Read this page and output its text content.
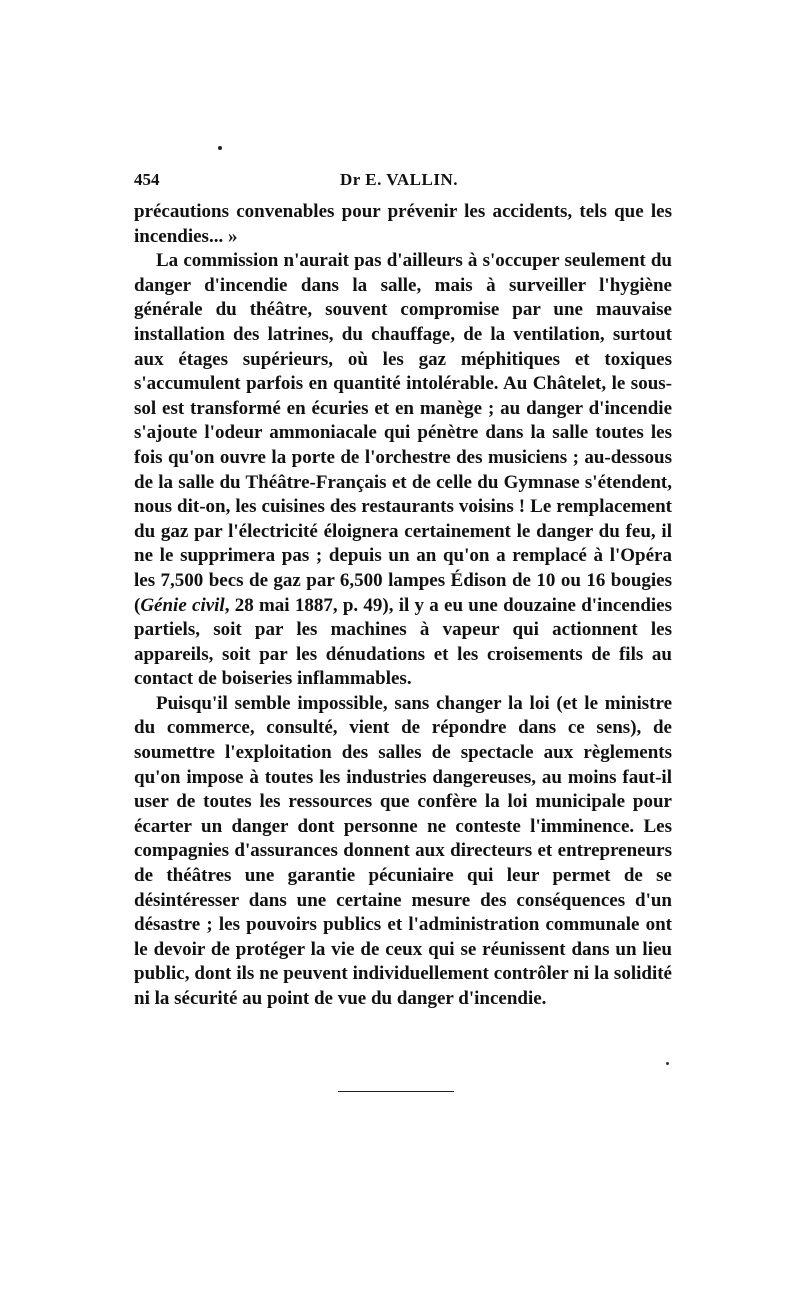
454	Dr E. VALLIN.

précautions convenables pour prévenir les accidents, tels que les incendies... »

La commission n'aurait pas d'ailleurs à s'occuper seulement du danger d'incendie dans la salle, mais à surveiller l'hygiène générale du théâtre, souvent compromise par une mauvaise installation des latrines, du chauffage, de la ventilation, surtout aux étages supérieurs, où les gaz méphitiques et toxiques s'accumulent parfois en quantité intolérable. Au Châtelet, le sous-sol est transformé en écuries et en manège ; au danger d'incendie s'ajoute l'odeur ammoniacale qui pénètre dans la salle toutes les fois qu'on ouvre la porte de l'orchestre des musiciens ; au-dessous de la salle du Théâtre-Français et de celle du Gymnase s'étendent, nous dit-on, les cuisines des restaurants voisins ! Le remplacement du gaz par l'électricité éloignera certainement le danger du feu, il ne le supprimera pas ; depuis un an qu'on a remplacé à l'Opéra les 7,500 becs de gaz par 6,500 lampes Édison de 10 ou 16 bougies (Génie civil, 28 mai 1887, p. 49), il y a eu une douzaine d'incendies partiels, soit par les machines à vapeur qui actionnent les appareils, soit par les dénudations et les croisements de fils au contact de boiseries inflammables.

Puisqu'il semble impossible, sans changer la loi (et le ministre du commerce, consulté, vient de répondre dans ce sens), de soumettre l'exploitation des salles de spectacle aux règlements qu'on impose à toutes les industries dangereuses, au moins faut-il user de toutes les ressources que confère la loi municipale pour écarter un danger dont personne ne conteste l'imminence. Les compagnies d'assurances donnent aux directeurs et entrepreneurs de théâtres une garantie pécuniaire qui leur permet de se désintéresser dans une certaine mesure des conséquences d'un désastre ; les pouvoirs publics et l'administration communale ont le devoir de protéger la vie de ceux qui se réunissent dans un lieu public, dont ils ne peuvent individuellement contrôler ni la solidité ni la sécurité au point de vue du danger d'incendie.
